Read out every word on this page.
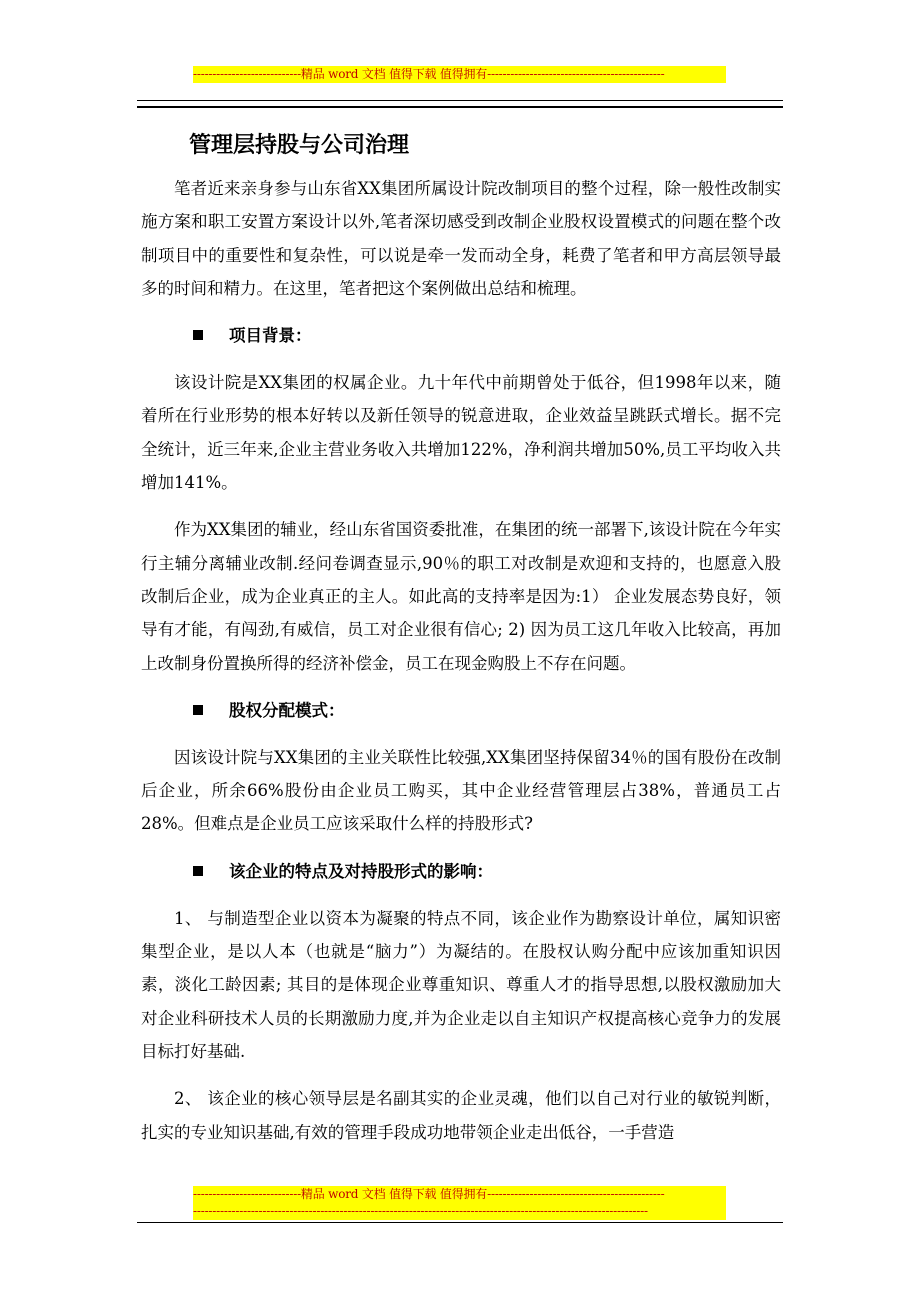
----------------------------精品 word 文档 值得下载 值得拥有----------------------------------------------
管理层持股与公司治理

笔者近来亲身参与山东省XX集团所属设计院改制项目的整个过程，除一般性改制实施方案和职工安置方案设计以外,笔者深切感受到改制企业股权设置模式的问题在整个改制项目中的重要性和复杂性，可以说是牵一发而动全身，耗费了笔者和甲方高层领导最多的时间和精力。在这里，笔者把这个案例做出总结和梳理。

项目背景：

该设计院是XX集团的权属企业。九十年代中前期曾处于低谷，但1998年以来，随着所在行业形势的根本好转以及新任领导的锐意进取，企业效益呈跳跃式增长。据不完全统计，近三年来,企业主营业务收入共增加122%，净利润共增加50%,员工平均收入共增加141%。

作为XX集团的辅业，经山东省国资委批准，在集团的统一部署下,该设计院在今年实行主辅分离辅业改制.经问卷调查显示,90％的职工对改制是欢迎和支持的，也愿意入股改制后企业，成为企业真正的主人。如此高的支持率是因为:1） 企业发展态势良好，领导有才能，有闯劲,有威信，员工对企业很有信心; 2) 因为员工这几年收入比较高，再加上改制身份置换所得的经济补偿金，员工在现金购股上不存在问题。

股权分配模式：

因该设计院与XX集团的主业关联性比较强,XX集团坚持保留34％的国有股份在改制后企业，所余66%股份由企业员工购买，其中企业经营管理层占38%，普通员工占28%。但难点是企业员工应该采取什么样的持股形式?

该企业的特点及对持股形式的影响：

1、 与制造型企业以资本为凝聚的特点不同，该企业作为勘察设计单位，属知识密集型企业，是以人本（也就是“脑力”）为凝结的。在股权认购分配中应该加重知识因素，淡化工龄因素; 其目的是体现企业尊重知识、尊重人才的指导思想,以股权激励加大对企业科研技术人员的长期激励力度,并为企业走以自主知识产权提高核心竞争力的发展目标打好基础.

2、 该企业的核心领导层是名副其实的企业灵魂，他们以自己对行业的敏锐判断，扎实的专业知识基础,有效的管理手段成功地带领企业走出低谷，一手营造

----------------------------精品 word 文档 值得下载 值得拥有----------------------------------------------
----------------------------------------------------------------------------------------------------------------------
